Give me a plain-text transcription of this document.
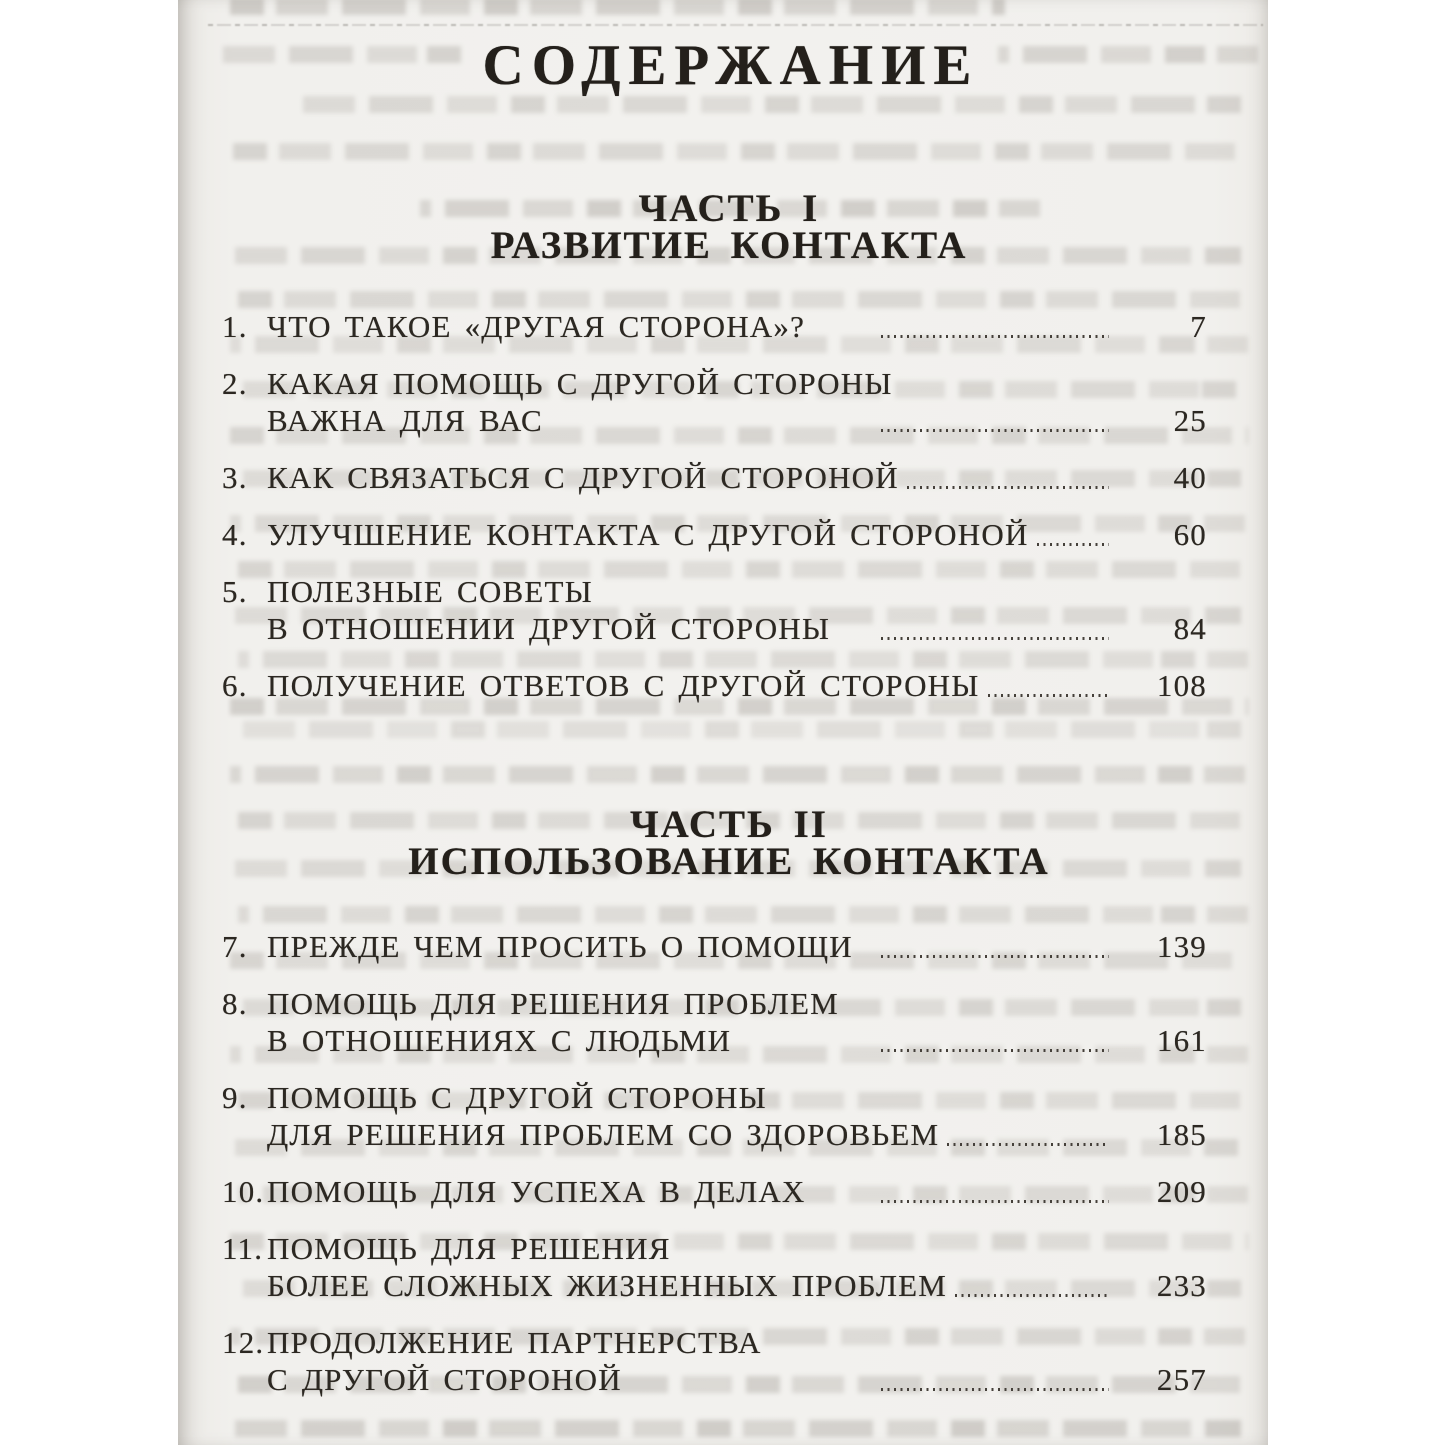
СОДЕРЖАНИЕ
ЧАСТЬ I
РАЗВИТИЕ КОНТАКТА
1. ЧТО ТАКОЕ «ДРУГАЯ СТОРОНА»?	7
2. КАКАЯ ПОМОЩЬ С ДРУГОЙ СТОРОНЫ
ВАЖНА ДЛЯ ВАС	25
3. КАК СВЯЗАТЬСЯ С ДРУГОЙ СТОРОНОЙ	40
4. УЛУЧШЕНИЕ КОНТАКТА С ДРУГОЙ СТОРОНОЙ	60
5. ПОЛЕЗНЫЕ СОВЕТЫ
В ОТНОШЕНИИ ДРУГОЙ СТОРОНЫ	84
6. ПОЛУЧЕНИЕ ОТВЕТОВ С ДРУГОЙ СТОРОНЫ	108
ЧАСТЬ II
ИСПОЛЬЗОВАНИЕ КОНТАКТА
7. ПРЕЖДЕ ЧЕМ ПРОСИТЬ О ПОМОЩИ	139
8. ПОМОЩЬ ДЛЯ РЕШЕНИЯ ПРОБЛЕМ
В ОТНОШЕНИЯХ С ЛЮДЬМИ	161
9. ПОМОЩЬ С ДРУГОЙ СТОРОНЫ
ДЛЯ РЕШЕНИЯ ПРОБЛЕМ СО ЗДОРОВЬЕМ	185
10. ПОМОЩЬ ДЛЯ УСПЕХА В ДЕЛАХ	209
11. ПОМОЩЬ ДЛЯ РЕШЕНИЯ
БОЛЕЕ СЛОЖНЫХ ЖИЗНЕННЫХ ПРОБЛЕМ	233
12. ПРОДОЛЖЕНИЕ ПАРТНЕРСТВА
С ДРУГОЙ СТОРОНОЙ	257
